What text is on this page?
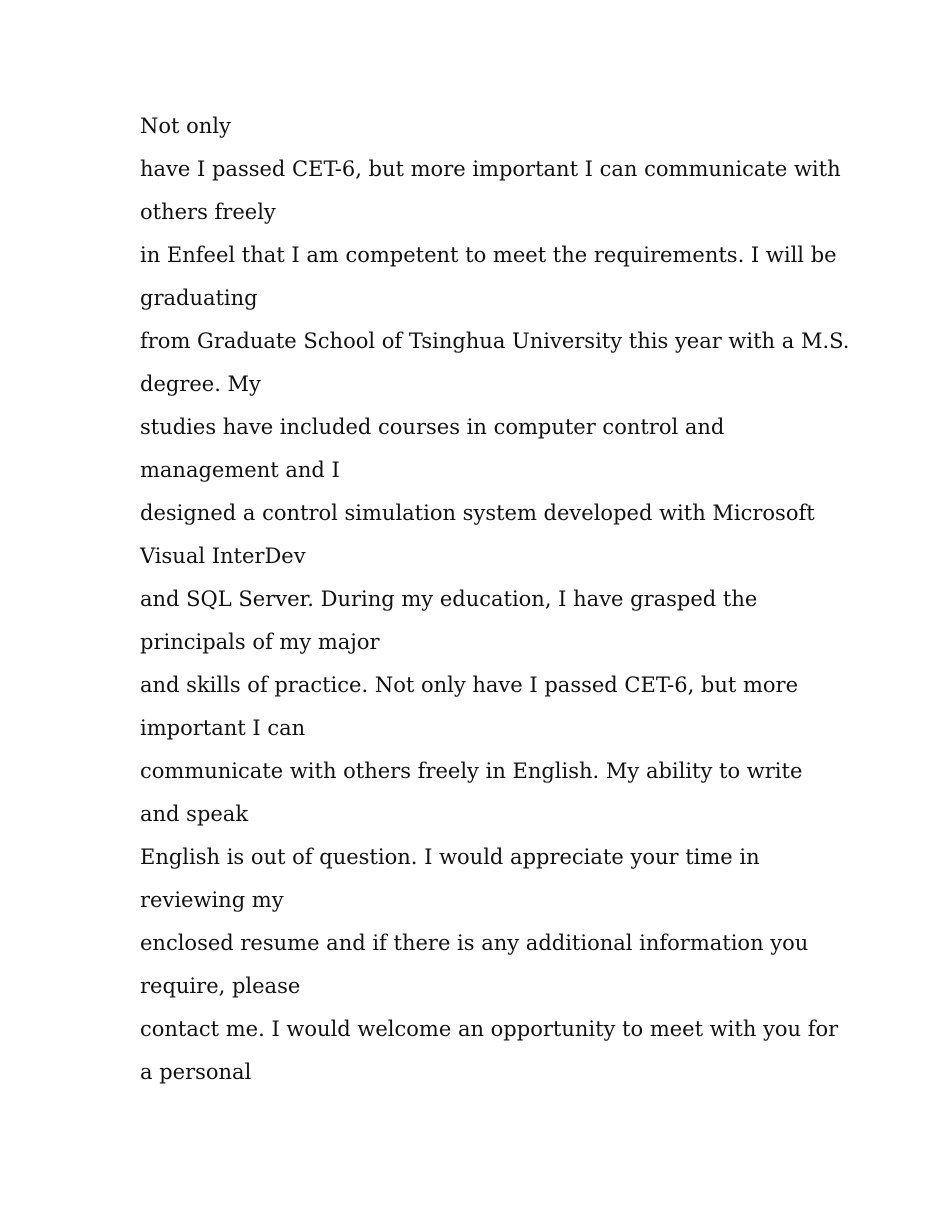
Not only
have I passed CET-6, but more important I can communicate with
others freely
in Enfeel that I am competent to meet the requirements. I will be
graduating
from Graduate School of Tsinghua University this year with a M.S.
degree. My
studies have included courses in computer control and
management and I
designed a control simulation system developed with Microsoft
Visual InterDev
and SQL Server. During my education, I have grasped the
principals of my major
and skills of practice. Not only have I passed CET-6, but more
important I can
communicate with others freely in English. My ability to write
and speak
English is out of question. I would appreciate your time in
reviewing my
enclosed resume and if there is any additional information you
require, please
contact me. I would welcome an opportunity to meet with you for
a personal
